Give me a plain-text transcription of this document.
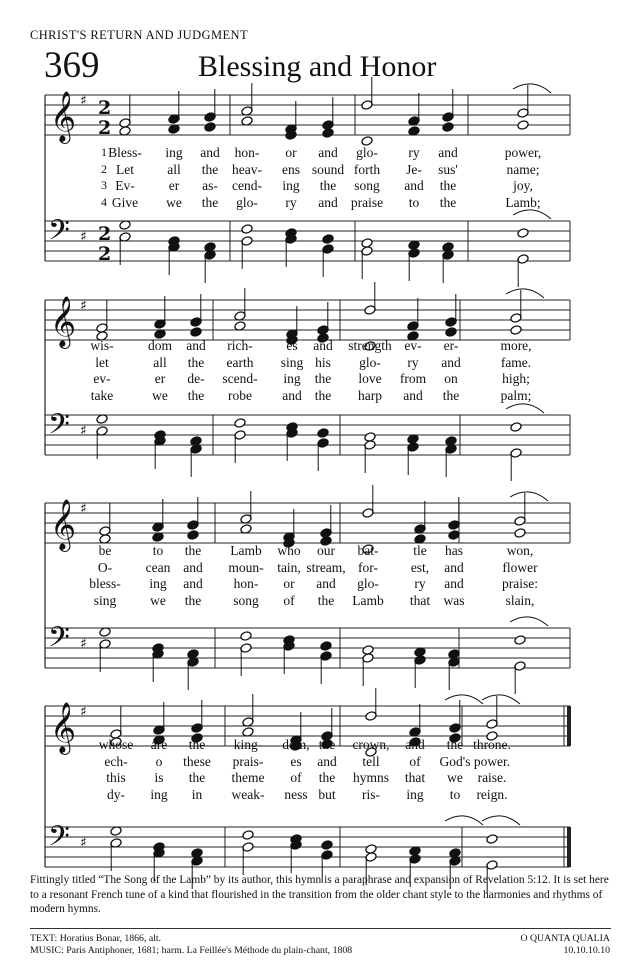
CHRIST'S RETURN AND JUDGMENT
369	Blessing and Honor
𝄞 ♯ 2
2
𝄢 ♯ 2
2
1 Bless- ing and hon- or and glo- ry and	power,
2 Let all the heav- ens sound forth Je- sus'	name;
3 Ev-	er as- cend- ing the song and the	joy,
4 Give we the glo- ry and praise to the	Lamb;
𝄞 ♯
𝄢 ♯
wis-	dom and rich- es and strength ev- er-	more,
let	all the earth sing his glo- ry and	fame.
ev-	er de- scend- ing the love from on	high;
take	we the robe and the harp and the	palm;
𝄞 ♯
𝄢 ♯
be	to the Lamb who our bat-	tle has	won,
O- cean and moun- tain, stream, for- est, and	flower
bless- ing and hon- or and glo-	ry and	praise:
sing	we the song of the Lamb that was	slain,
𝄞 ♯
𝄢 ♯
whose are the king- dom, the crown, and the throne.
ech- o these prais- es and tell of God's power.
this is the theme of the hymns that we raise.
dy- ing in weak- ness but ris- ing to reign.
Fittingly titled “The Song of the Lamb” by its author, this hymn is a paraphrase and expansion of Revelation 5:12. It is set here to a resonant French tune of a kind that flourished in the transition from the older chant style to the harmonies and rhythms of modern hymns.
TEXT: Horatius Bonar, 1866, alt.
MUSIC: Paris Antiphoner, 1681; harm. La Feillée's Méthode du plain-chant, 1808
O QUANTA QUALIA
10.10.10.10
